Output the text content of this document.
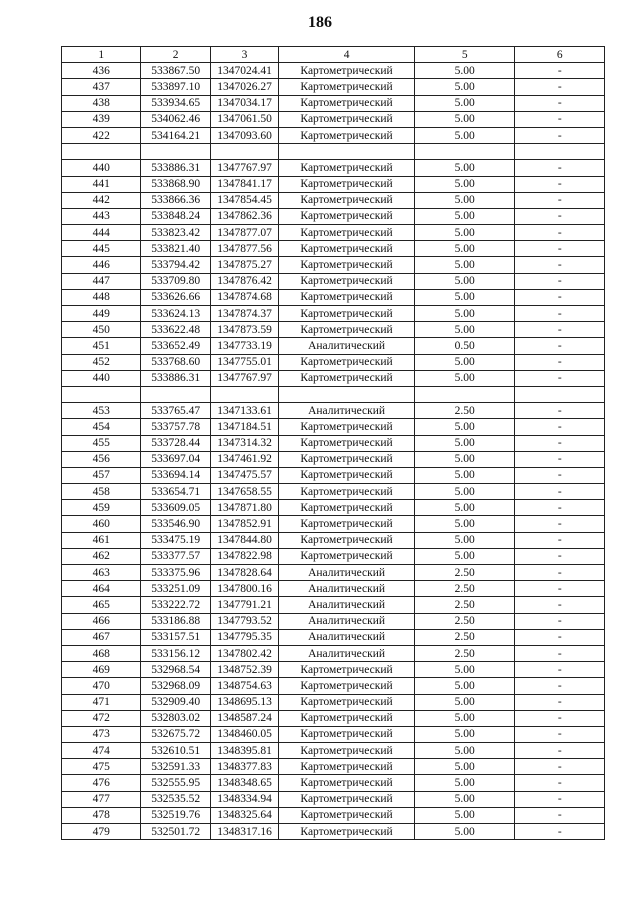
186
1	2	3	4	5	6
436	533867.50	1347024.41	Картометрический	5.00	-
437	533897.10	1347026.27	Картометрический	5.00	-
438	533934.65	1347034.17	Картометрический	5.00	-
439	534062.46	1347061.50	Картометрический	5.00	-
422	534164.21	1347093.60	Картометрический	5.00	-

440	533886.31	1347767.97	Картометрический	5.00	-
441	533868.90	1347841.17	Картометрический	5.00	-
442	533866.36	1347854.45	Картометрический	5.00	-
443	533848.24	1347862.36	Картометрический	5.00	-
444	533823.42	1347877.07	Картометрический	5.00	-
445	533821.40	1347877.56	Картометрический	5.00	-
446	533794.42	1347875.27	Картометрический	5.00	-
447	533709.80	1347876.42	Картометрический	5.00	-
448	533626.66	1347874.68	Картометрический	5.00	-
449	533624.13	1347874.37	Картометрический	5.00	-
450	533622.48	1347873.59	Картометрический	5.00	-
451	533652.49	1347733.19	Аналитический	0.50	-
452	533768.60	1347755.01	Картометрический	5.00	-
440	533886.31	1347767.97	Картометрический	5.00	-

453	533765.47	1347133.61	Аналитический	2.50	-
454	533757.78	1347184.51	Картометрический	5.00	-
455	533728.44	1347314.32	Картометрический	5.00	-
456	533697.04	1347461.92	Картометрический	5.00	-
457	533694.14	1347475.57	Картометрический	5.00	-
458	533654.71	1347658.55	Картометрический	5.00	-
459	533609.05	1347871.80	Картометрический	5.00	-
460	533546.90	1347852.91	Картометрический	5.00	-
461	533475.19	1347844.80	Картометрический	5.00	-
462	533377.57	1347822.98	Картометрический	5.00	-
463	533375.96	1347828.64	Аналитический	2.50	-
464	533251.09	1347800.16	Аналитический	2.50	-
465	533222.72	1347791.21	Аналитический	2.50	-
466	533186.88	1347793.52	Аналитический	2.50	-
467	533157.51	1347795.35	Аналитический	2.50	-
468	533156.12	1347802.42	Аналитический	2.50	-
469	532968.54	1348752.39	Картометрический	5.00	-
470	532968.09	1348754.63	Картометрический	5.00	-
471	532909.40	1348695.13	Картометрический	5.00	-
472	532803.02	1348587.24	Картометрический	5.00	-
473	532675.72	1348460.05	Картометрический	5.00	-
474	532610.51	1348395.81	Картометрический	5.00	-
475	532591.33	1348377.83	Картометрический	5.00	-
476	532555.95	1348348.65	Картометрический	5.00	-
477	532535.52	1348334.94	Картометрический	5.00	-
478	532519.76	1348325.64	Картометрический	5.00	-
479	532501.72	1348317.16	Картометрический	5.00	-
